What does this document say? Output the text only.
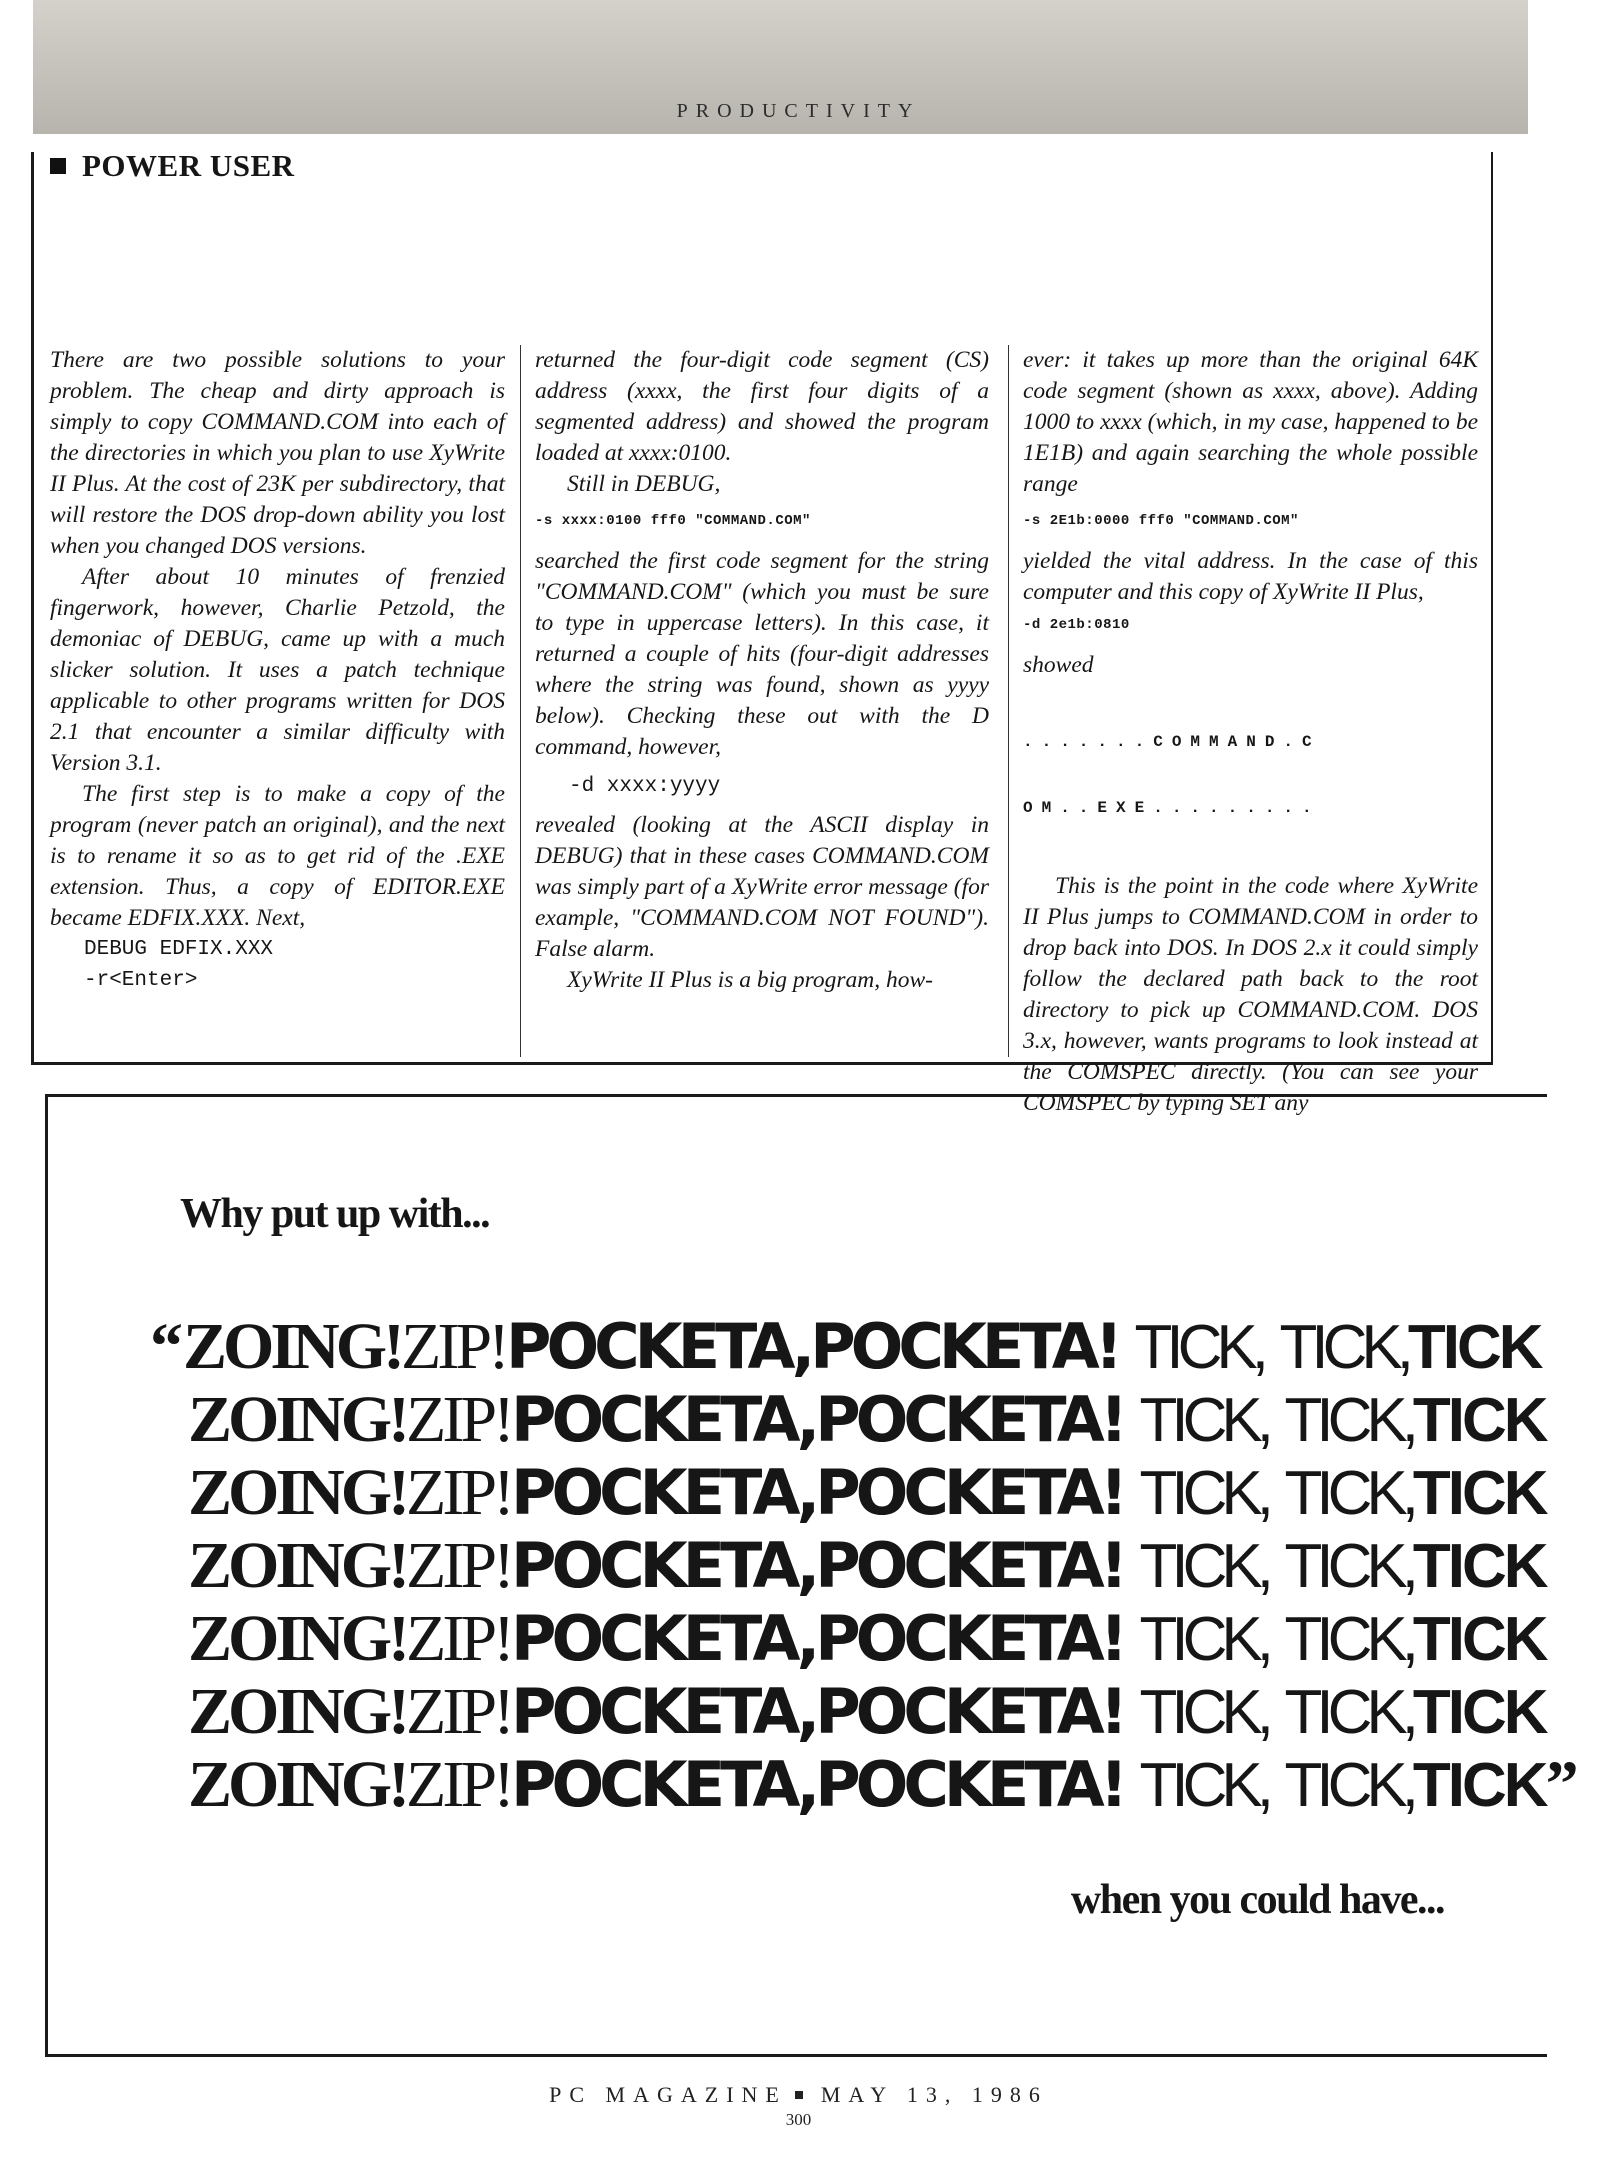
PRODUCTIVITY
POWER USER

There are two possible solutions to your problem. The cheap and dirty approach is simply to copy COMMAND.COM into each of the directories in which you plan to use XyWrite II Plus. At the cost of 23K per subdirectory, that will restore the DOS drop-down ability you lost when you changed DOS versions.

After about 10 minutes of frenzied fingerwork, however, Charlie Petzold, the demoniac of DEBUG, came up with a much slicker solution. It uses a patch technique applicable to other programs written for DOS 2.1 that encounter a similar difficulty with Version 3.1.

The first step is to make a copy of the program (never patch an original), and the next is to rename it so as to get rid of the .EXE extension. Thus, a copy of EDITOR.EXE became EDFIX.XXX. Next,

DEBUG EDFIX.XXX
-r<Enter>

returned the four-digit code segment (CS) address (xxxx, the first four digits of a segmented address) and showed the program loaded at xxxx:0100.

Still in DEBUG,

-s xxxx:0100 fff0 "COMMAND.COM"

searched the first code segment for the string "COMMAND.COM" (which you must be sure to type in uppercase letters). In this case, it returned a couple of hits (four-digit addresses where the string was found, shown as yyyy below). Checking these out with the D command, however,

-d xxxx:yyyy

revealed (looking at the ASCII display in DEBUG) that in these cases COMMAND.COM was simply part of a XyWrite error message (for example, "COMMAND.COM NOT FOUND"). False alarm.

XyWrite II Plus is a big program, how-

ever: it takes up more than the original 64K code segment (shown as xxxx, above). Adding 1000 to xxxx (which, in my case, happened to be 1E1B) and again searching the whole possible range

-s 2E1b:0000 fff0 "COMMAND.COM"

yielded the vital address. In the case of this computer and this copy of XyWrite II Plus,

-d 2e1b:0810

showed

.......COMMAND.C

OM..EXE.........

This is the point in the code where XyWrite II Plus jumps to COMMAND.COM in order to drop back into DOS. In DOS 2.x it could simply follow the declared path back to the root directory to pick up COMMAND.COM. DOS 3.x, however, wants programs to look instead at the COMSPEC directly. (You can see your COMSPEC by typing SET any

Why put up with...
“ZOING!ZIP!POCKETA,POCKETA! TICK, TICK,TICK
ZOING!ZIP!POCKETA,POCKETA! TICK, TICK,TICK
ZOING!ZIP!POCKETA,POCKETA! TICK, TICK,TICK
ZOING!ZIP!POCKETA,POCKETA! TICK, TICK,TICK
ZOING!ZIP!POCKETA,POCKETA! TICK, TICK,TICK
ZOING!ZIP!POCKETA,POCKETA! TICK, TICK,TICK
ZOING!ZIP!POCKETA,POCKETA! TICK, TICK,TICK”
when you could have...
PC MAGAZINE MAY 13, 1986
300
